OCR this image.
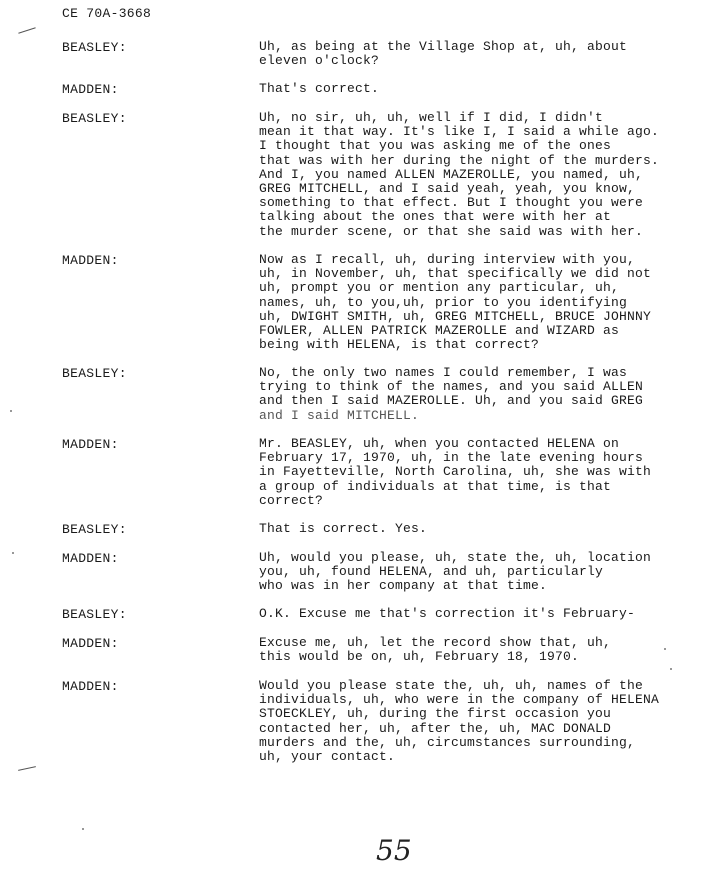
CE 70A-3668
BEASLEY:	Uh, as being at the Village Shop at, uh, about
eleven o'clock?
MADDEN:	That's correct.
BEASLEY:	Uh, no sir, uh, uh, well if I did, I didn't
mean it that way. It's like I, I said a while ago.
I thought that you was asking me of the ones
that was with her during the night of the murders.
And I, you named ALLEN MAZEROLLE, you named, uh,
GREG MITCHELL, and I said yeah, yeah, you know,
something to that effect. But I thought you were
talking about the ones that were with her at
the murder scene, or that she said was with her.
MADDEN:	Now as I recall, uh, during interview with you,
uh, in November, uh, that specifically we did not
uh, prompt you or mention any particular, uh,
names, uh, to you,uh, prior to you identifying
uh, DWIGHT SMITH, uh, GREG MITCHELL, BRUCE JOHNNY
FOWLER, ALLEN PATRICK MAZEROLLE and WIZARD as
being with HELENA, is that correct?
BEASLEY:	No, the only two names I could remember, I was
trying to think of the names, and you said ALLEN
and then I said MAZEROLLE. Uh, and you said GREG
and I said MITCHELL.
MADDEN:	Mr. BEASLEY, uh, when you contacted HELENA on
February 17, 1970, uh, in the late evening hours
in Fayetteville, North Carolina, uh, she was with
a group of individuals at that time, is that
correct?
BEASLEY:	That is correct. Yes.
MADDEN:	Uh, would you please, uh, state the, uh, location
you, uh, found HELENA, and uh, particularly
who was in her company at that time.
BEASLEY:	O.K. Excuse me that's correction it's February-
MADDEN:	Excuse me, uh, let the record show that, uh,
this would be on, uh, February 18, 1970.
MADDEN:	Would you please state the, uh, uh, names of the
individuals, uh, who were in the company of HELENA
STOECKLEY, uh, during the first occasion you
contacted her, uh, after the, uh, MAC DONALD
murders and the, uh, circumstances surrounding,
uh, your contact.
55
